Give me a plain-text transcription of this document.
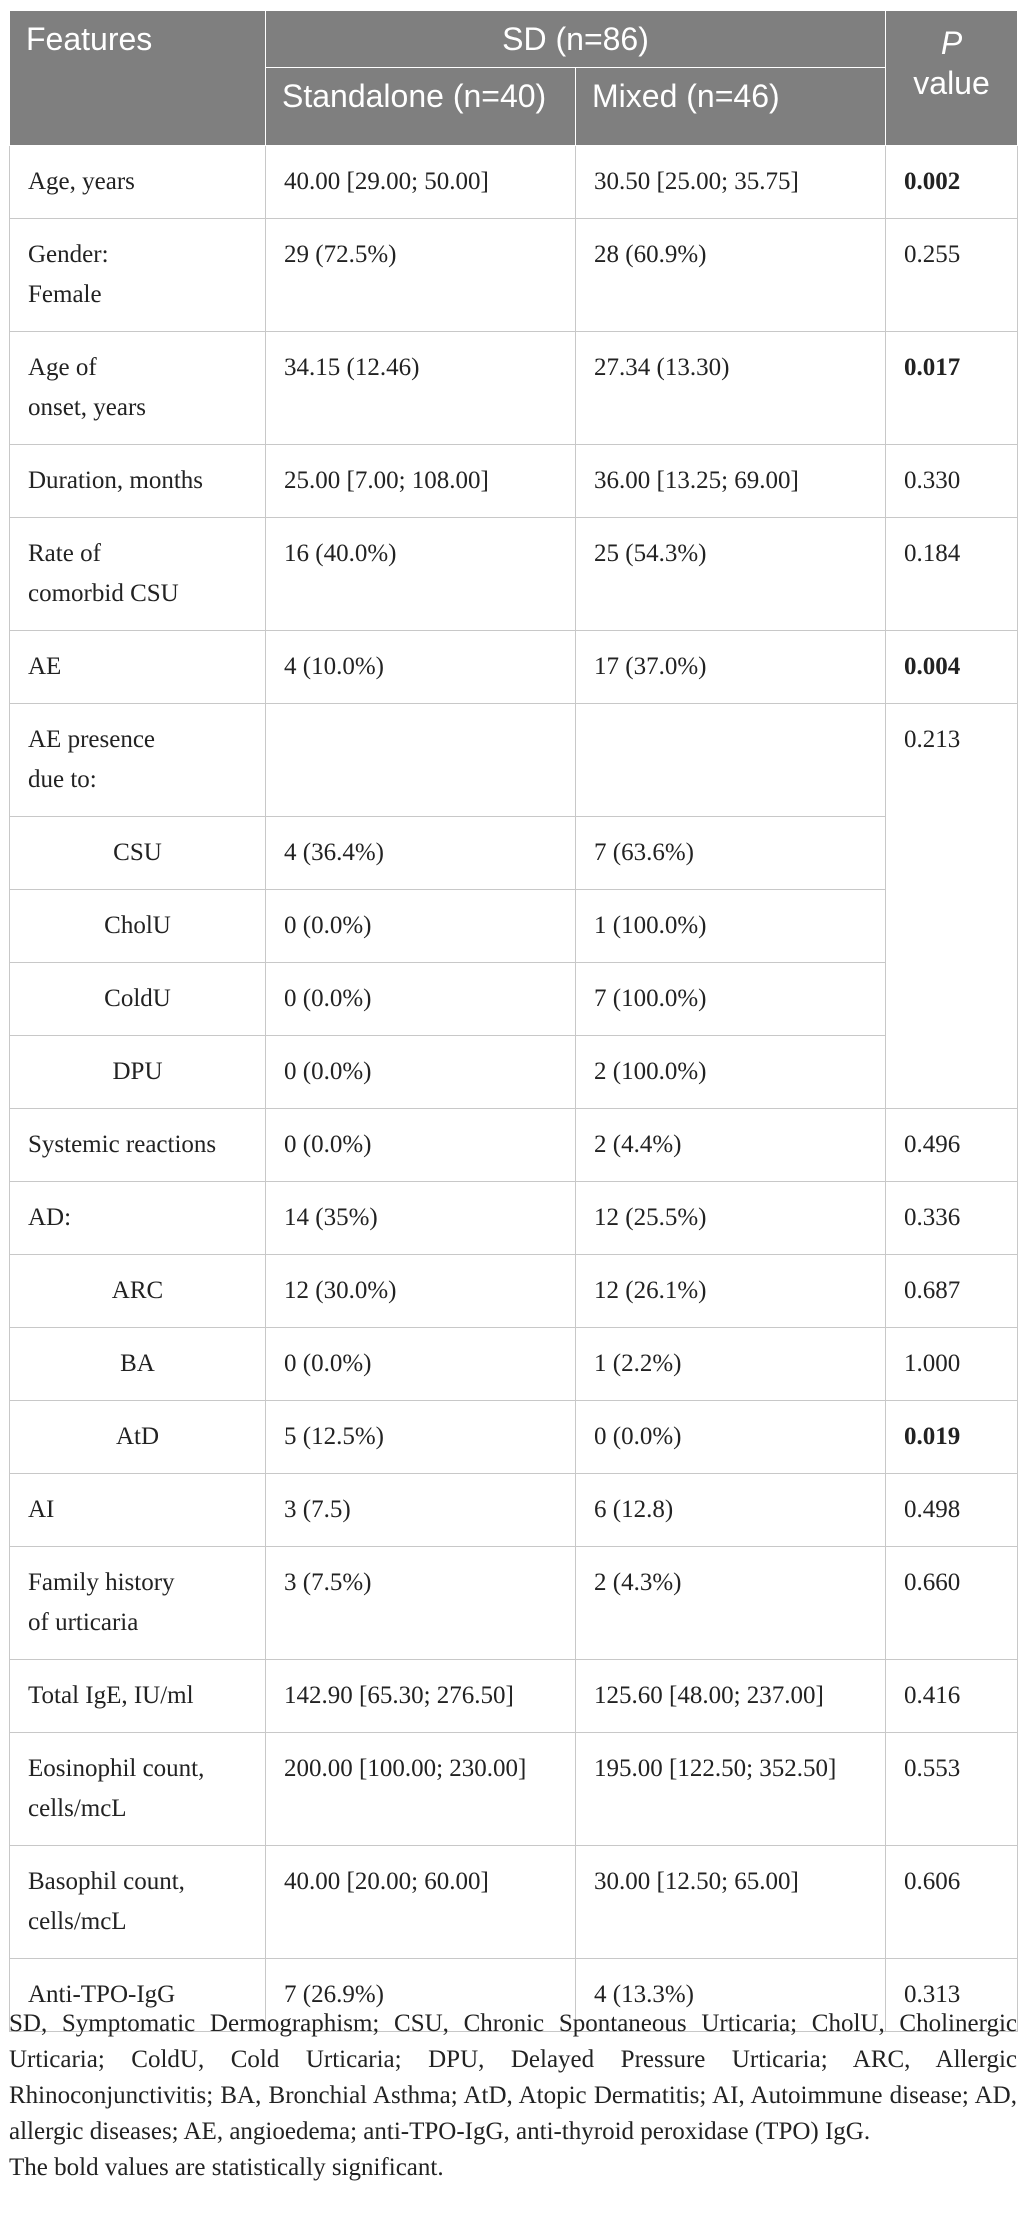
Features	SD (n=86)		P
value
	Standalone (n=40)	Mixed (n=46)	
Age, years	40.00 [29.00; 50.00]	30.50 [25.00; 35.75]	0.002
Gender:
Female	29 (72.5%)	28 (60.9%)	0.255
Age of
onset, years	34.15 (12.46)	27.34 (13.30)	0.017
Duration, months	25.00 [7.00; 108.00]	36.00 [13.25; 69.00]	0.330
Rate of
comorbid CSU	16 (40.0%)	25 (54.3%)	0.184
AE	4 (10.0%)	17 (37.0%)	0.004
AE presence
due to:			0.213
CSU	4 (36.4%)	7 (63.6%)	
CholU	0 (0.0%)	1 (100.0%)	
ColdU	0 (0.0%)	7 (100.0%)	
DPU	0 (0.0%)	2 (100.0%)	
Systemic reactions	0 (0.0%)	2 (4.4%)	0.496
AD:	14 (35%)	12 (25.5%)	0.336
ARC	12 (30.0%)	12 (26.1%)	0.687
BA	0 (0.0%)	1 (2.2%)	1.000
AtD	5 (12.5%)	0 (0.0%)	0.019
AI	3 (7.5)	6 (12.8)	0.498
Family history
of urticaria	3 (7.5%)	2 (4.3%)	0.660
Total IgE, IU/ml	142.90 [65.30; 276.50]	125.60 [48.00; 237.00]	0.416
Eosinophil count,
cells/mcL	200.00 [100.00; 230.00]	195.00 [122.50; 352.50]	0.553
Basophil count,
cells/mcL	40.00 [20.00; 60.00]	30.00 [12.50; 65.00]	0.606
Anti-TPO-IgG	7 (26.9%)	4 (13.3%)	0.313

SD, Symptomatic Dermographism; CSU, Chronic Spontaneous Urticaria; CholU, Cholinergic Urticaria; ColdU, Cold Urticaria; DPU, Delayed Pressure Urticaria; ARC, Allergic Rhinoconjunctivitis; BA, Bronchial Asthma; AtD, Atopic Dermatitis; AI, Autoimmune disease; AD, allergic diseases; AE, angioedema; anti-TPO-IgG, anti-thyroid peroxidase (TPO) IgG.

The bold values are statistically significant.
